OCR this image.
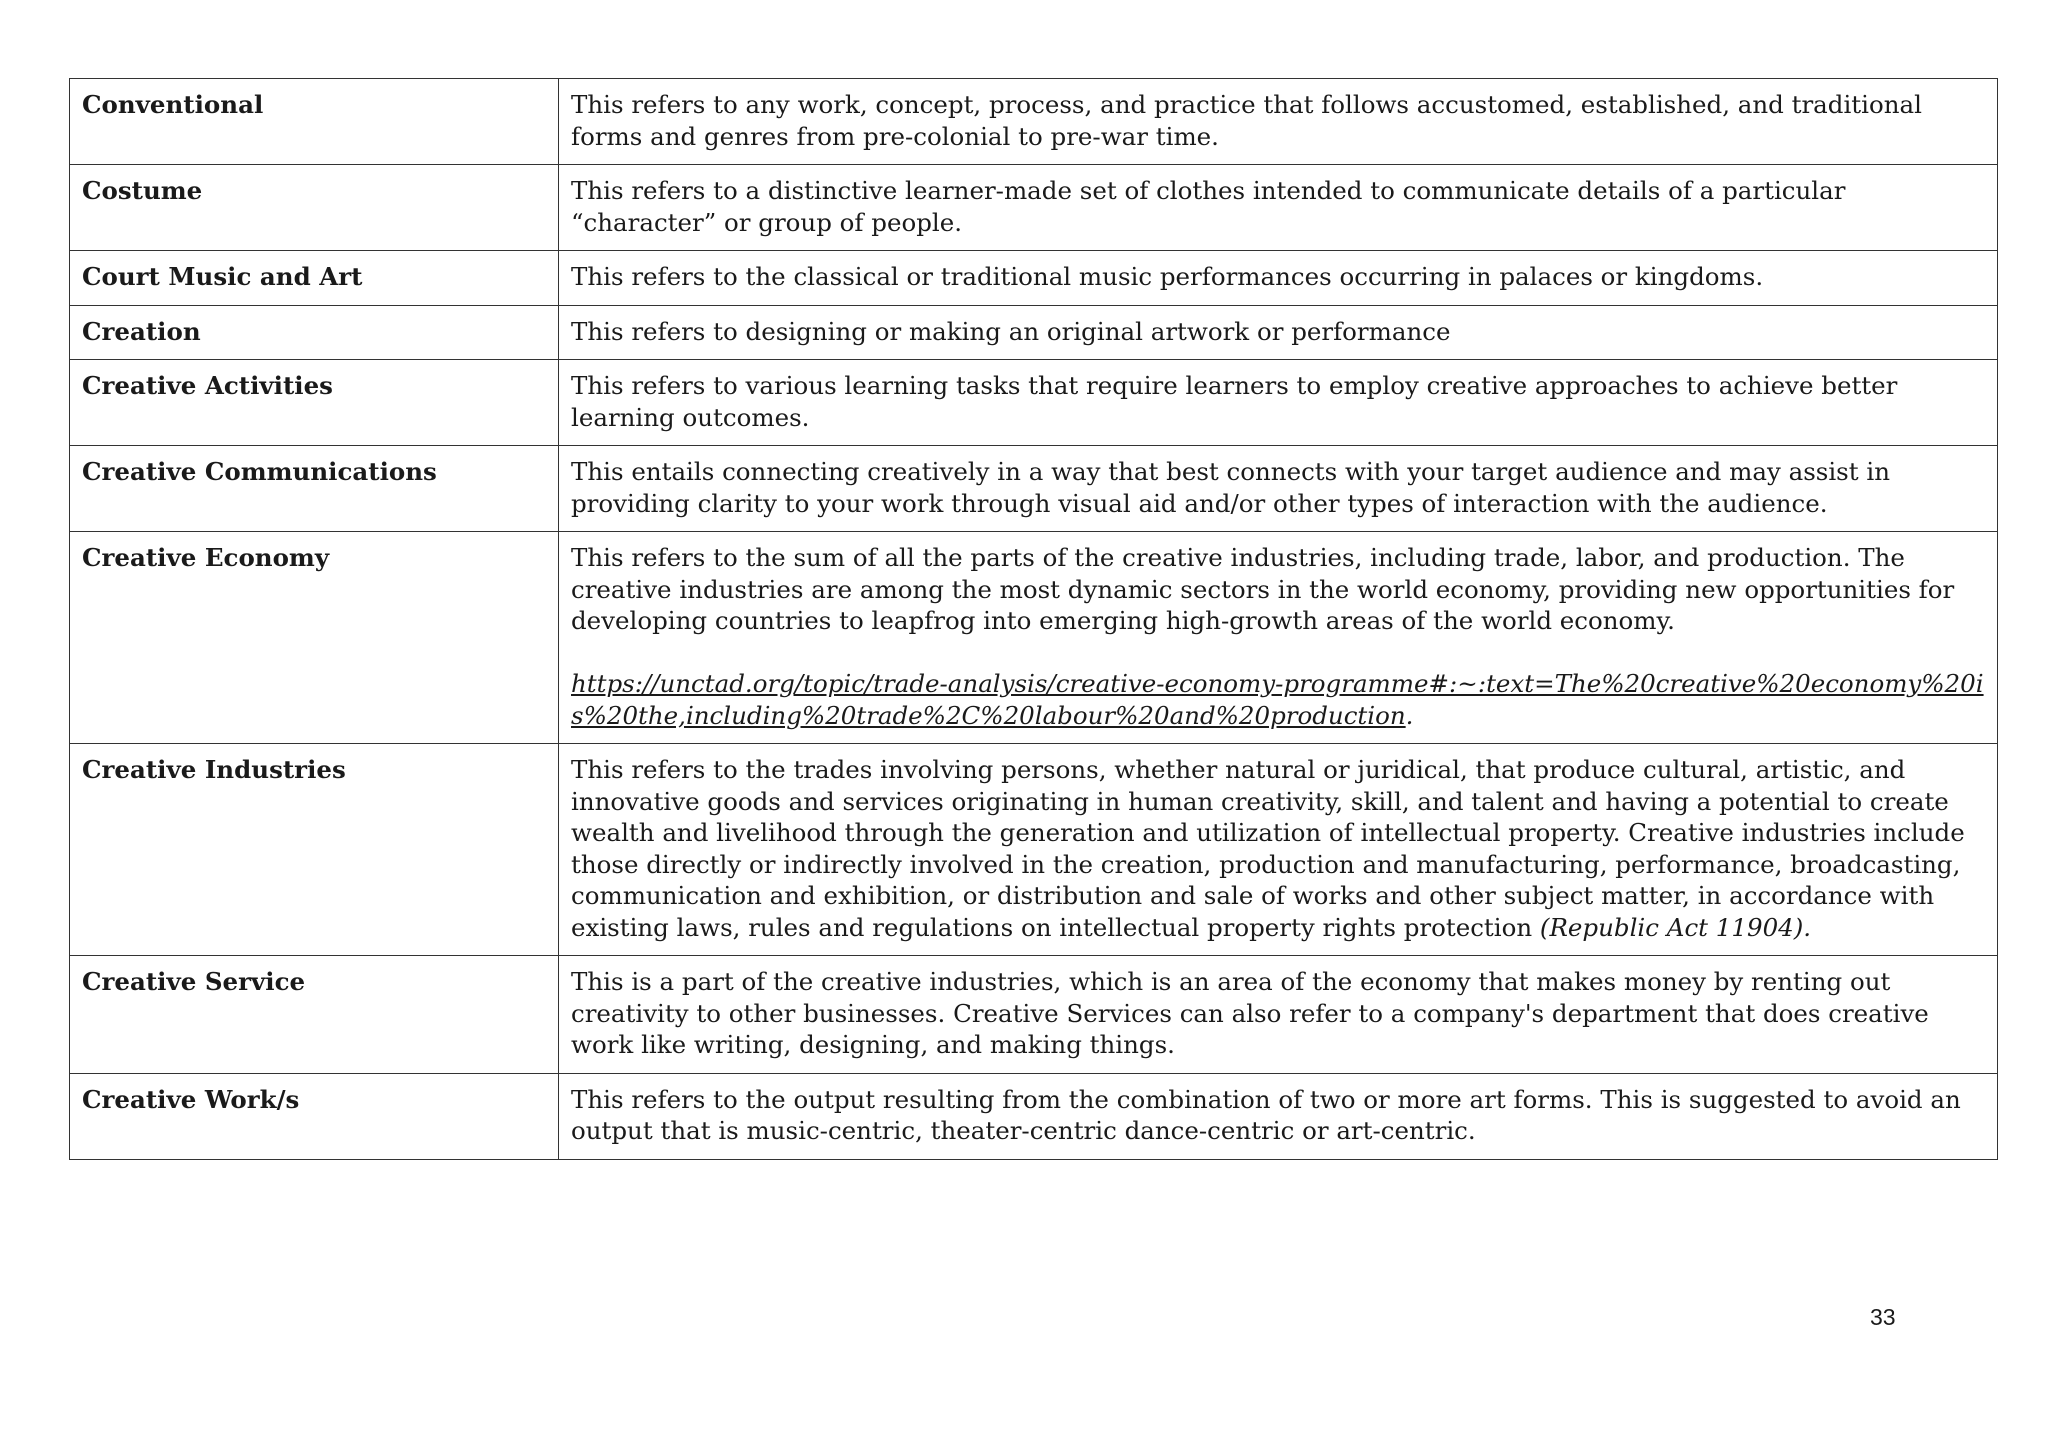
Conventional	This refers to any work, concept, process, and practice that follows accustomed, established, and traditional forms and genres from pre-colonial to pre-war time.

Costume	This refers to a distinctive learner-made set of clothes intended to communicate details of a particular “character” or group of people.

Court Music and Art	This refers to the classical or traditional music performances occurring in palaces or kingdoms.

Creation	This refers to designing or making an original artwork or performance

Creative Activities	This refers to various learning tasks that require learners to employ creative approaches to achieve better learning outcomes.

Creative Communications	This entails connecting creatively in a way that best connects with your target audience and may assist in providing clarity to your work through visual aid and/or other types of interaction with the audience.

Creative Economy	This refers to the sum of all the parts of the creative industries, including trade, labor, and production. The creative industries are among the most dynamic sectors in the world economy, providing new opportunities for developing countries to leapfrog into emerging high-growth areas of the world economy.

https://unctad.org/topic/trade-analysis/creative-economy-programme#:~:text=The%20creative%20economy%20is%20the,including%20trade%2C%20labour%20and%20production.

Creative Industries	This refers to the trades involving persons, whether natural or juridical, that produce cultural, artistic, and innovative goods and services originating in human creativity, skill, and talent and having a potential to create wealth and livelihood through the generation and utilization of intellectual property. Creative industries include those directly or indirectly involved in the creation, production and manufacturing, performance, broadcasting, communication and exhibition, or distribution and sale of works and other subject matter, in accordance with existing laws, rules and regulations on intellectual property rights protection (Republic Act 11904).

Creative Service	This is a part of the creative industries, which is an area of the economy that makes money by renting out creativity to other businesses. Creative Services can also refer to a company's department that does creative work like writing, designing, and making things.

Creative Work/s	This refers to the output resulting from the combination of two or more art forms. This is suggested to avoid an output that is music-centric, theater-centric dance-centric or art-centric.

33
